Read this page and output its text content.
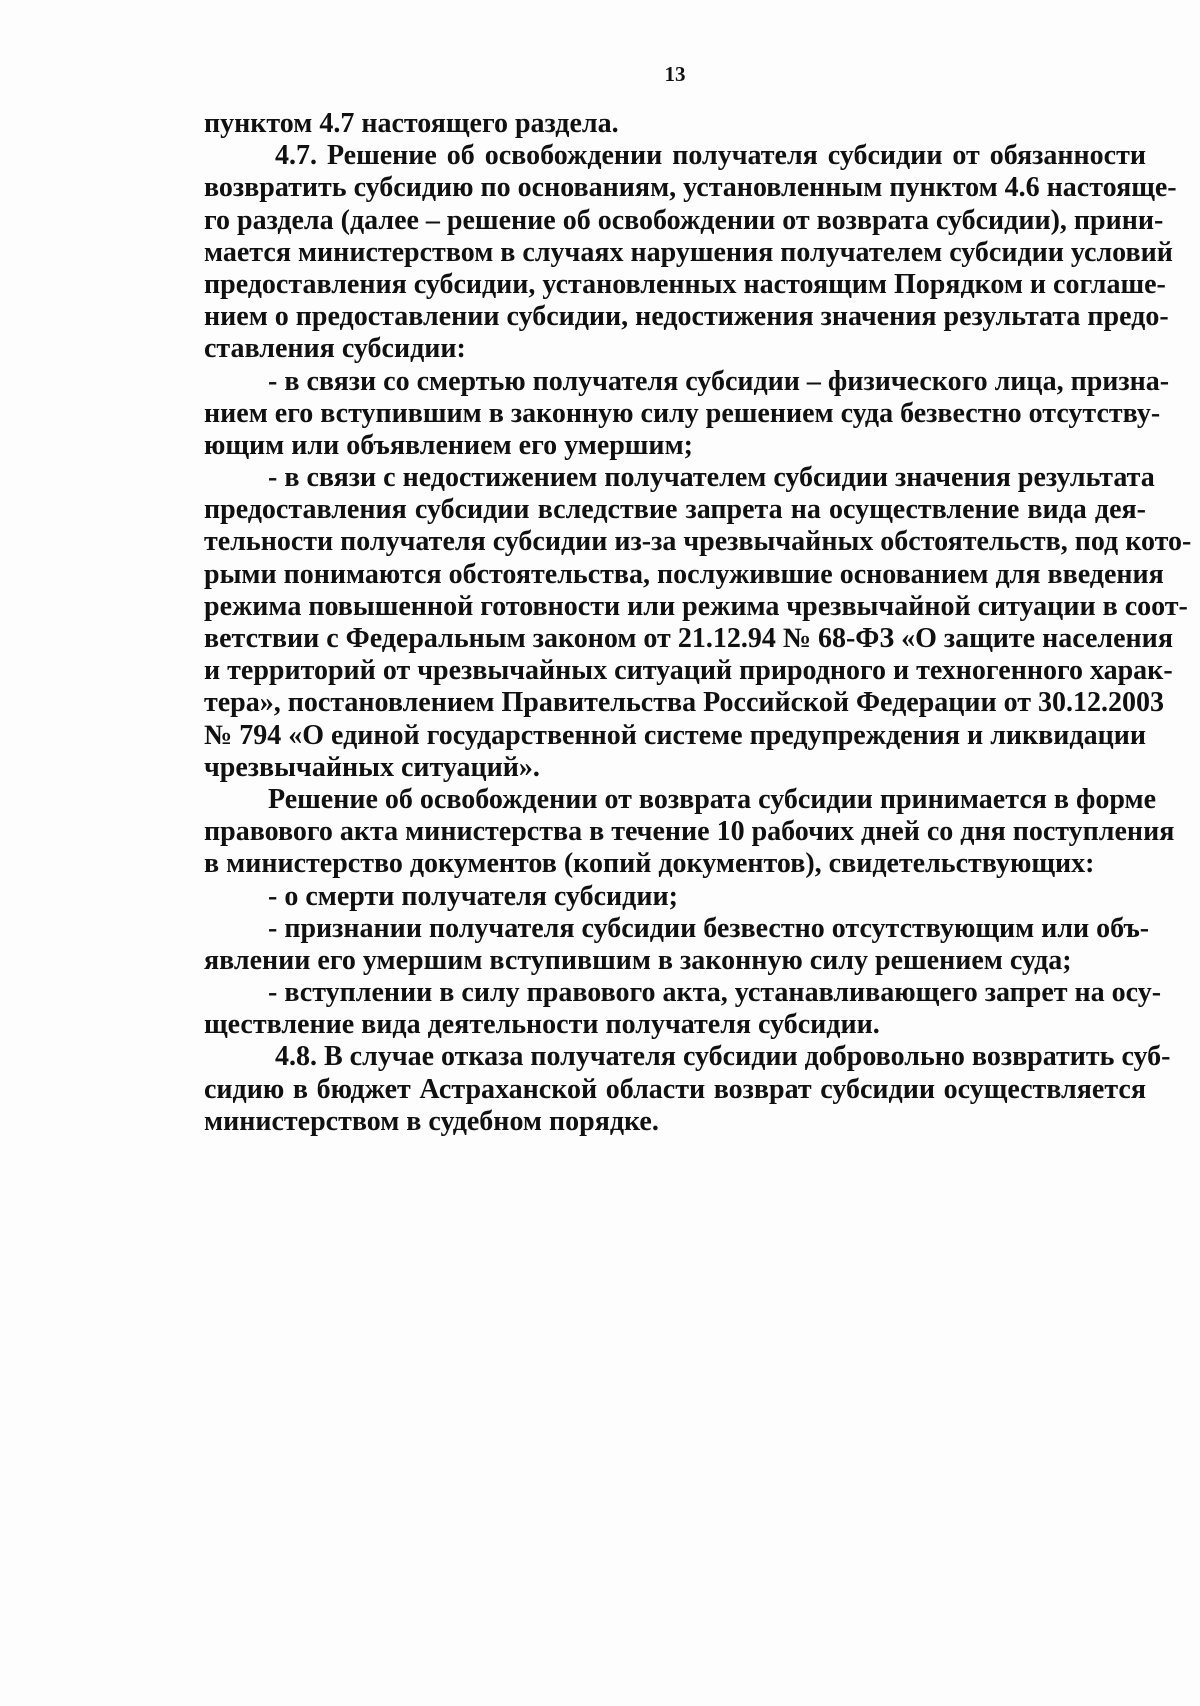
13
пунктом 4.7 настоящего раздела.
4.7. Решение об освобождении получателя субсидии от обязанности
возвратить субсидию по основаниям, установленным пунктом 4.6 настояще-
го раздела (далее – решение об освобождении от возврата субсидии), прини-
мается министерством в случаях нарушения получателем субсидии условий
предоставления субсидии, установленных настоящим Порядком и соглаше-
нием о предоставлении субсидии, недостижения значения результата предо-
ставления субсидии:
- в связи со смертью получателя субсидии – физического лица, призна-
нием его вступившим в законную силу решением суда безвестно отсутству-
ющим или объявлением его умершим;
- в связи с недостижением получателем субсидии значения результата
предоставления субсидии вследствие запрета на осуществление вида дея-
тельности получателя субсидии из-за чрезвычайных обстоятельств, под кото-
рыми понимаются обстоятельства, послужившие основанием для введения
режима повышенной готовности или режима чрезвычайной ситуации в соот-
ветствии с Федеральным законом от 21.12.94 № 68-ФЗ «О защите населения
и территорий от чрезвычайных ситуаций природного и техногенного харак-
тера», постановлением Правительства Российской Федерации от 30.12.2003
№ 794 «О единой государственной системе предупреждения и ликвидации
чрезвычайных ситуаций».
Решение об освобождении от возврата субсидии принимается в форме
правового акта министерства в течение 10 рабочих дней со дня поступления
в министерство документов (копий документов), свидетельствующих:
- о смерти получателя субсидии;
- признании получателя субсидии безвестно отсутствующим или объ-
явлении его умершим вступившим в законную силу решением суда;
- вступлении в силу правового акта, устанавливающего запрет на осу-
ществление вида деятельности получателя субсидии.
4.8. В случае отказа получателя субсидии добровольно возвратить суб-
сидию в бюджет Астраханской области возврат субсидии осуществляется
министерством в судебном порядке.
